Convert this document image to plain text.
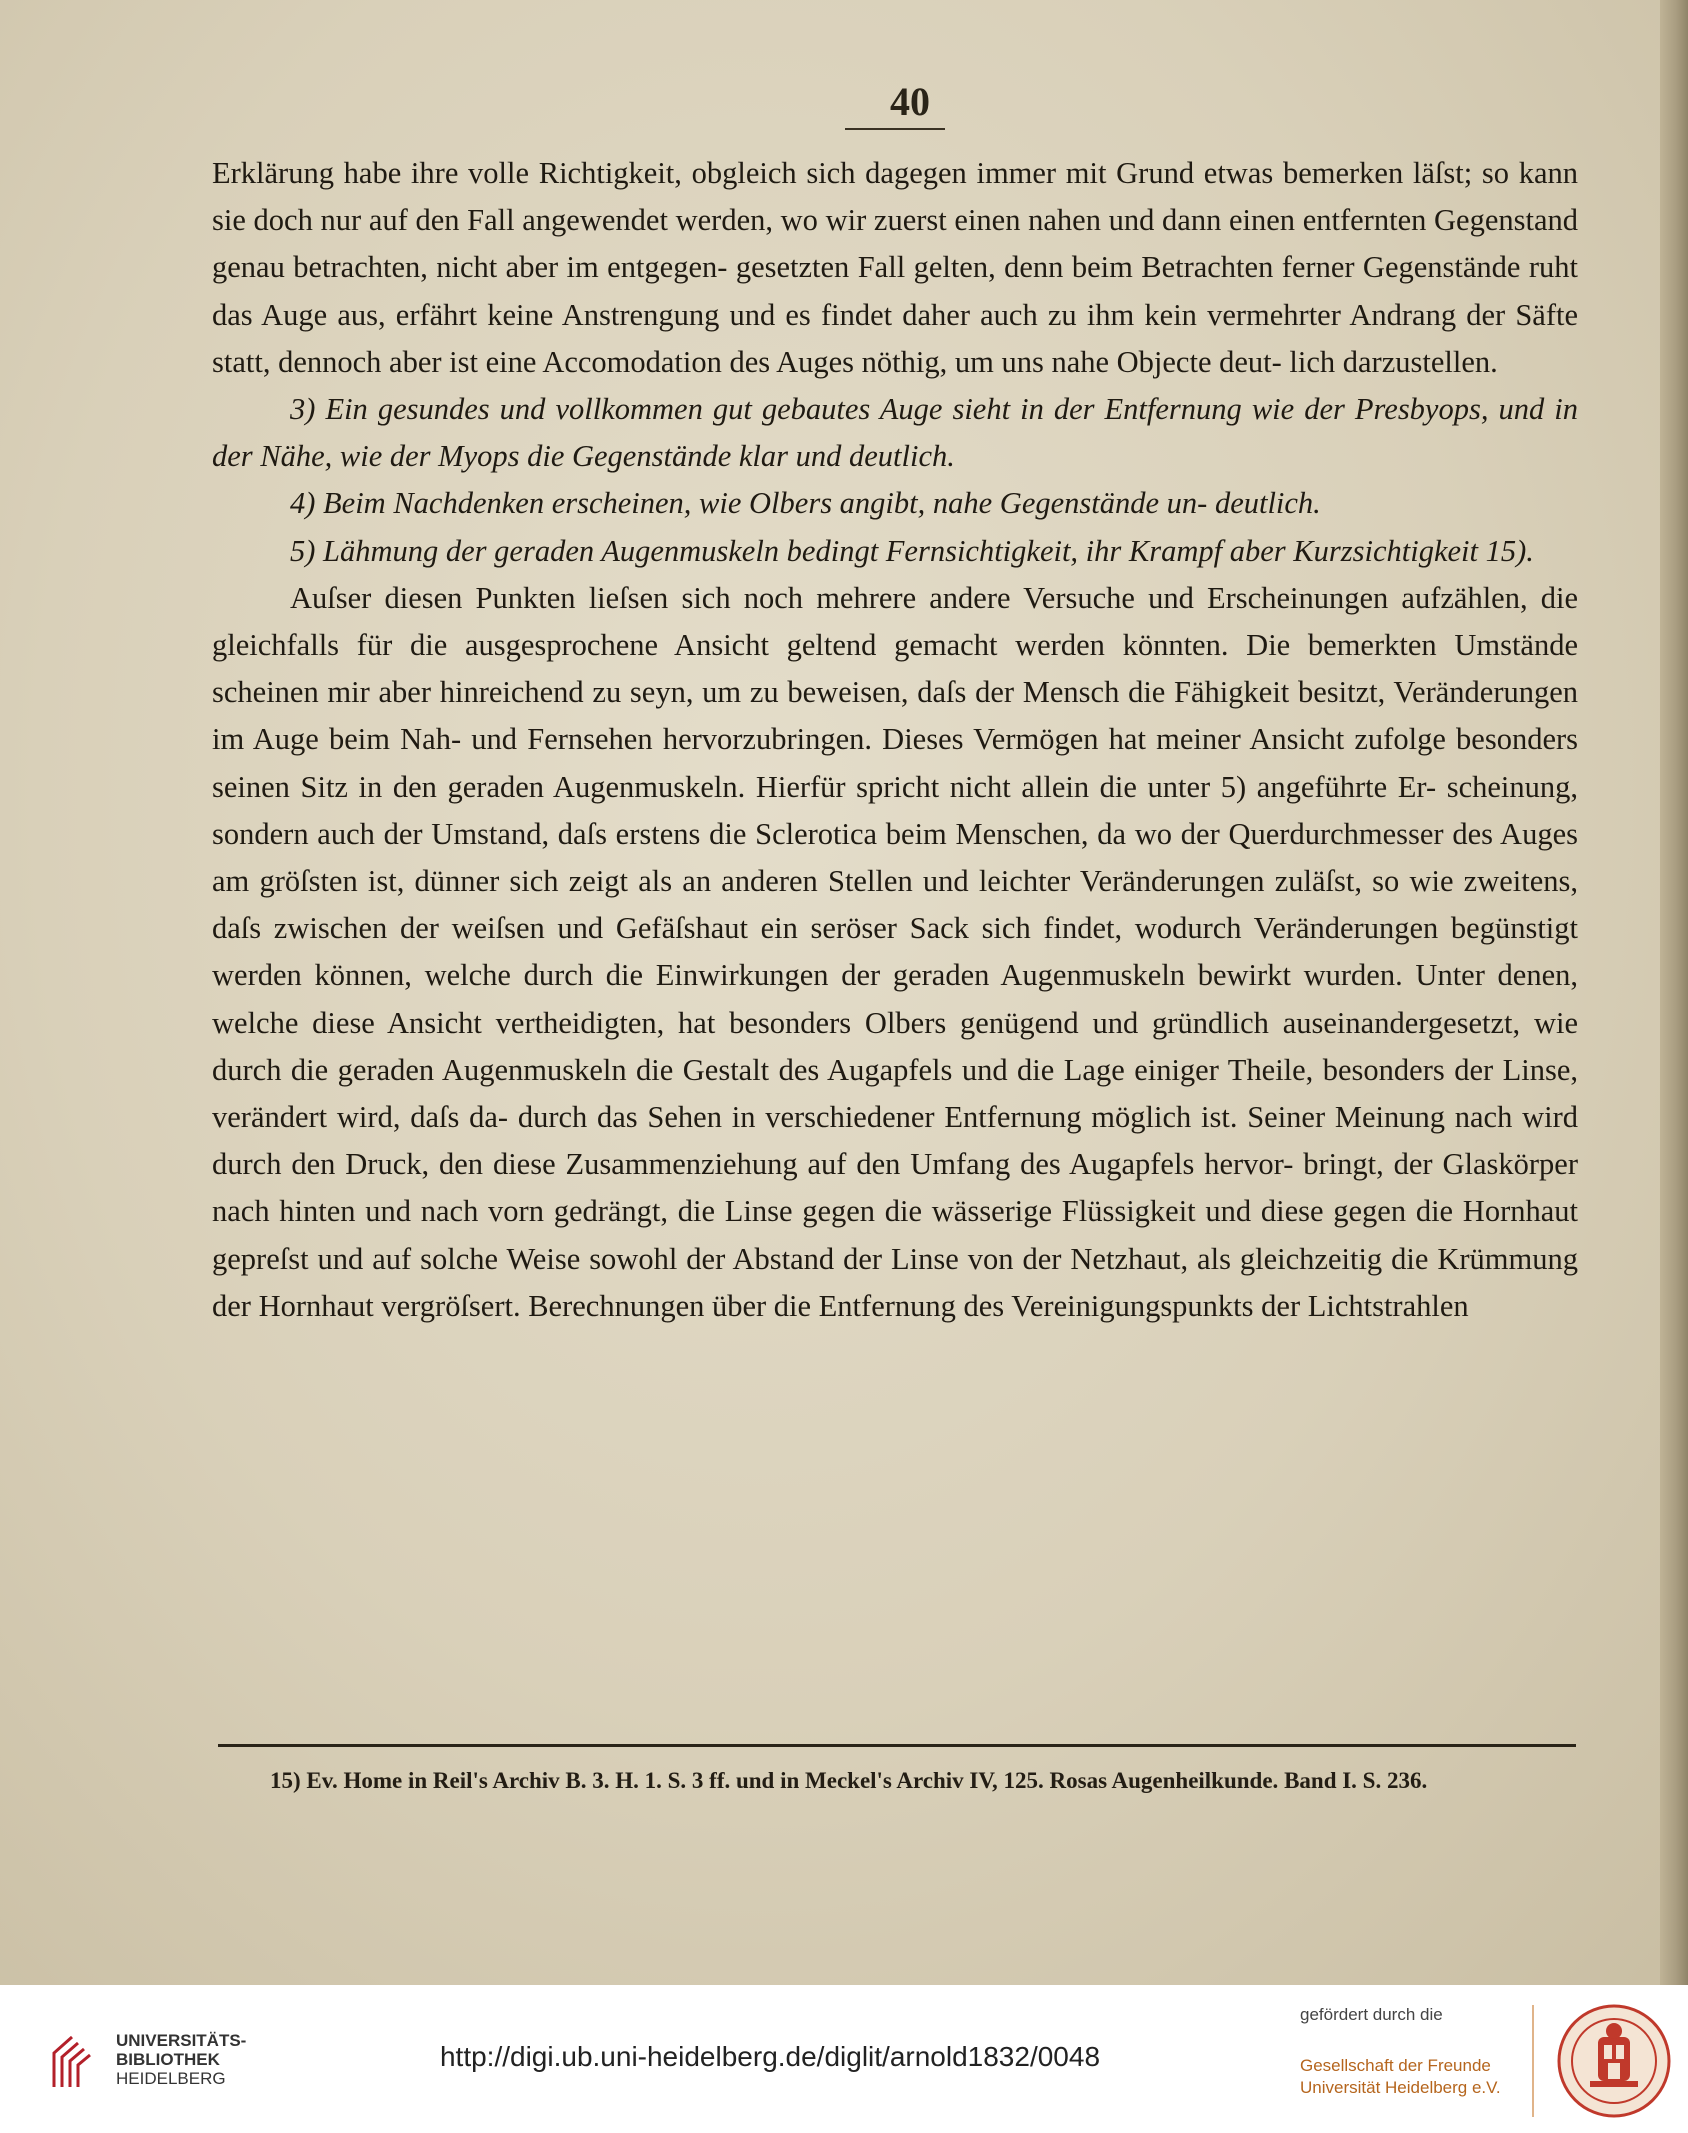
40

Erklärung habe ihre volle Richtigkeit, obgleich sich dagegen immer mit Grund etwas bemerken läſst; so kann sie doch nur auf den Fall angewendet werden, wo wir zuerst einen nahen und dann einen entfernten Gegenstand genau betrachten, nicht aber im entgegen- gesetzten Fall gelten, denn beim Betrachten ferner Gegenstände ruht das Auge aus, erfährt keine Anstrengung und es findet daher auch zu ihm kein vermehrter Andrang der Säfte statt, dennoch aber ist eine Accomodation des Auges nöthig, um uns nahe Objecte deut- lich darzustellen.

3) Ein gesundes und vollkommen gut gebautes Auge sieht in der Entfernung wie der Presbyops, und in der Nähe, wie der Myops die Gegenstände klar und deutlich.

4) Beim Nachdenken erscheinen, wie Olbers angibt, nahe Gegenstände un- deutlich.

5) Lähmung der geraden Augenmuskeln bedingt Fernsichtigkeit, ihr Krampf aber Kurzsichtigkeit 15).

Auſser diesen Punkten lieſsen sich noch mehrere andere Versuche und Erscheinungen aufzählen, die gleichfalls für die ausgesprochene Ansicht geltend gemacht werden könnten. Die bemerkten Umstände scheinen mir aber hinreichend zu seyn, um zu beweisen, daſs der Mensch die Fähigkeit besitzt, Veränderungen im Auge beim Nah- und Fernsehen hervorzubringen. Dieses Vermögen hat meiner Ansicht zufolge besonders seinen Sitz in den geraden Augenmuskeln. Hierfür spricht nicht allein die unter 5) angeführte Er- scheinung, sondern auch der Umstand, daſs erstens die Sclerotica beim Menschen, da wo der Querdurchmesser des Auges am gröſsten ist, dünner sich zeigt als an anderen Stellen und leichter Veränderungen zuläſst, so wie zweitens, daſs zwischen der weiſsen und Gefäſshaut ein seröser Sack sich findet, wodurch Veränderungen begünstigt werden können, welche durch die Einwirkungen der geraden Augenmuskeln bewirkt wurden. Unter denen, welche diese Ansicht vertheidigten, hat besonders Olbers genügend und gründlich auseinandergesetzt, wie durch die geraden Augenmuskeln die Gestalt des Augapfels und die Lage einiger Theile, besonders der Linse, verändert wird, daſs da- durch das Sehen in verschiedener Entfernung möglich ist. Seiner Meinung nach wird durch den Druck, den diese Zusammenziehung auf den Umfang des Augapfels hervor- bringt, der Glaskörper nach hinten und nach vorn gedrängt, die Linse gegen die wässerige Flüssigkeit und diese gegen die Hornhaut gepreſst und auf solche Weise sowohl der Abstand der Linse von der Netzhaut, als gleichzeitig die Krümmung der Hornhaut vergröſsert. Berechnungen über die Entfernung des Vereinigungspunkts der Lichtstrahlen

15) Ev. Home in Reil's Archiv B. 3. H. 1. S. 3 ff. und in Meckel's Archiv IV, 125. Rosas Augenheilkunde. Band I. S. 236.

UNIVERSITÄTS-
BIBLIOTHEK
HEIDELBERG
http://digi.ub.uni-heidelberg.de/diglit/arnold1832/0048
gefördert durch die
Gesellschaft der Freunde
Universität Heidelberg e.V.
